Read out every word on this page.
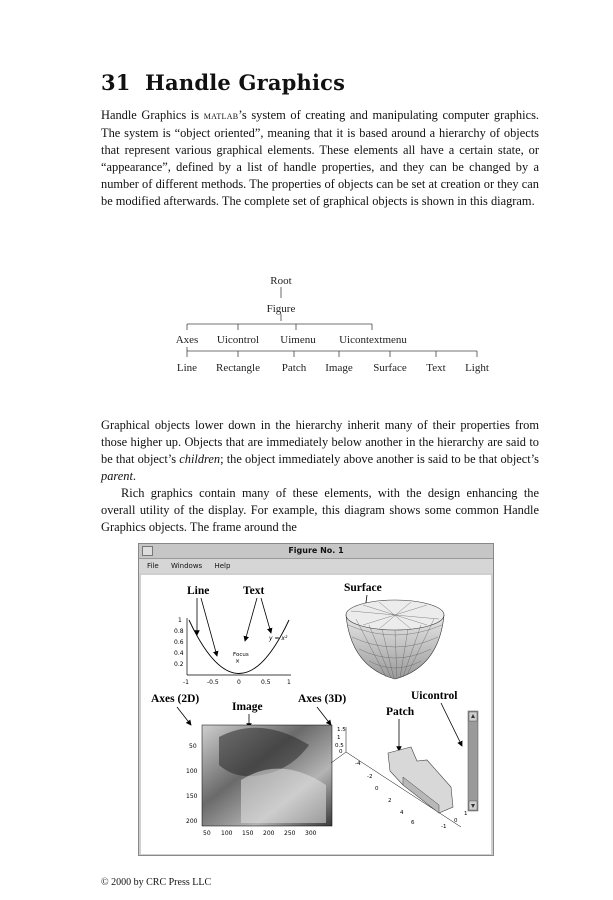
31 Handle Graphics

Handle Graphics is matlab’s system of creating and manipulating computer graphics. The system is “object oriented”, meaning that it is based around a hierarchy of objects that represent various graphical elements. These elements all have a certain state, or “appearance”, defined by a list of handle properties, and they can be changed by a number of different methods. The properties of objects can be set at creation or they can be modified afterwards. The complete set of graphical objects is shown in this diagram.

Root
Figure
Axes Uicontrol Uimenu Uicontextmenu
Line Rectangle Patch Image Surface Text Light

Graphical objects lower down in the hierarchy inherit many of their properties from those higher up. Objects that are immediately below another in the hierarchy are said to be that object’s children; the object immediately above another is said to be that object’s parent.

Rich graphics contain many of these elements, with the design enhancing the overall utility of the display. For example, this diagram shows some common Handle Graphics objects. The frame around the

Figure No. 1
File Windows Help
1
0.8
0.6
0.4
0.2
-1	-0.5	0	0.5	1
y = x²
Focus
×
Line	Text	Surface
Axes (2D)
Image
Axes (3D)
Patch
Uicontrol
50
100
150
200
50 100 150 200 250 300
1.5
1
0.5
0
-4
-2
0
2
4
6
1
0
-1
© 2000 by CRC Press LLC
